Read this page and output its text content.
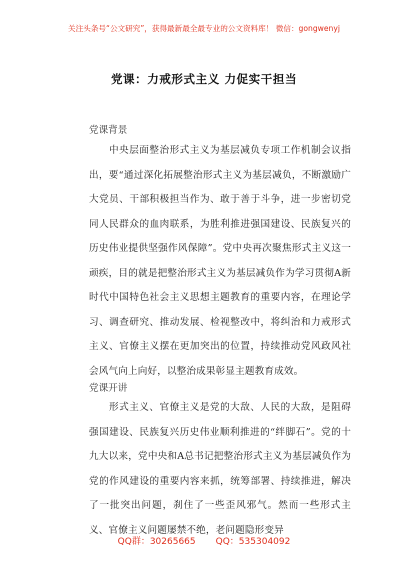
关注头条号“公文研究”，获得最新最全最专业的公文资料库！ 微信：gongwenyj
党课：力戒形式主义 力促实干担当
党课背景
中央层面整治形式主义为基层减负专项工作机制会议指出，要“通过深化拓展整治形式主义为基层减负，不断激励广大党员、干部积极担当作为、敢于善于斗争，进一步密切党同人民群众的血肉联系，为胜利推进强国建设、民族复兴的历史伟业提供坚强作风保障”。党中央再次聚焦形式主义这一顽疾，目的就是把整治形式主义为基层减负作为学习贯彻A新时代中国特色社会主义思想主题教育的重要内容，在理论学习、调查研究、推动发展、检视整改中，将纠治和力戒形式主义、官僚主义摆在更加突出的位置，持续推动党风政风社会风气向上向好，以整治成果彰显主题教育成效。
党课开讲
形式主义、官僚主义是党的大敌、人民的大敌，是阻碍强国建设、民族复兴历史伟业顺利推进的“绊脚石”。党的十九大以来，党中央和A总书记把整治形式主义为基层减负作为党的作风建设的重要内容来抓，统筹部署、持续推进，解决了一批突出问题，刹住了一些歪风邪气。然而一些形式主义、官僚主义问题屡禁不绝，老问题隐形变异
QQ群：30265665 QQ：535304092
